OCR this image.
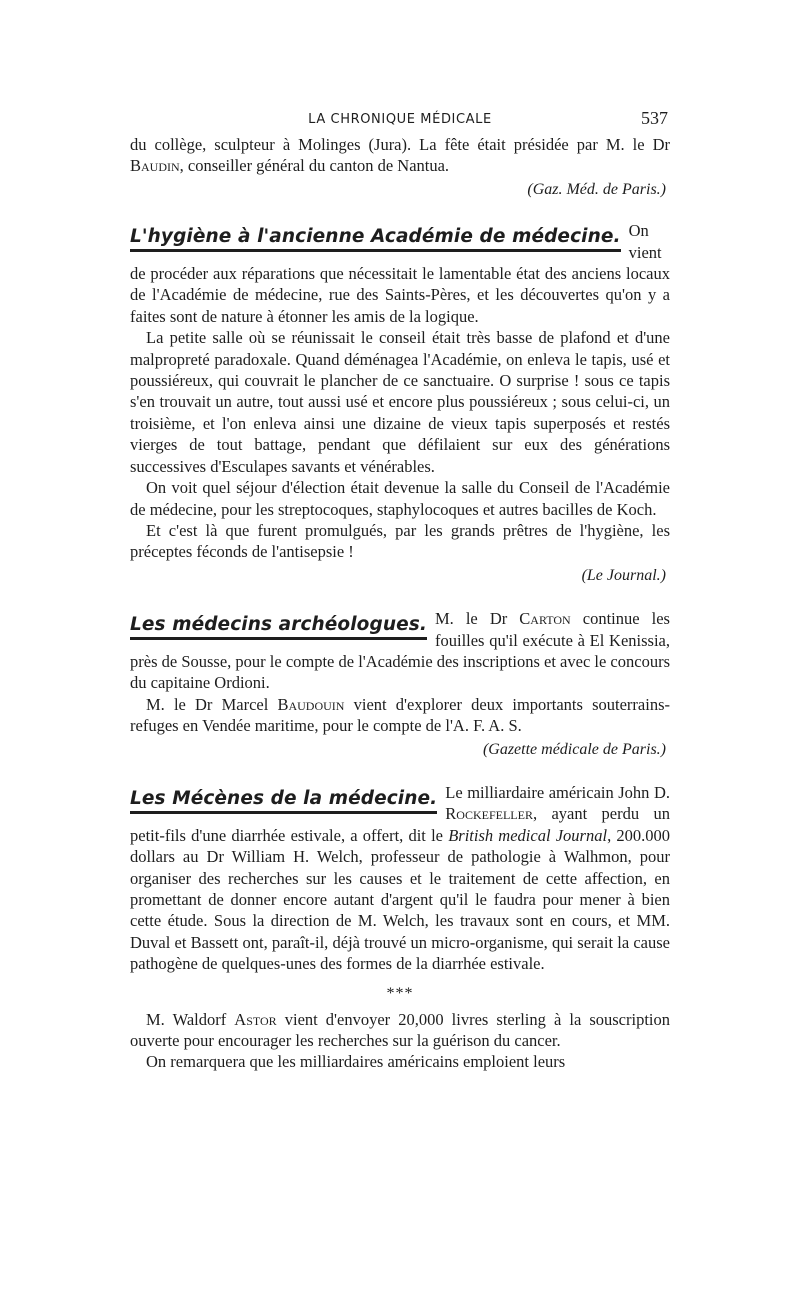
LA CHRONIQUE MÉDICALE	537

du collège, sculpteur à Molinges (Jura). La fête était présidée par M. le Dr Baudin, conseiller général du canton de Nantua.

(Gaz. Méd. de Paris.)
L'hygiène à l'ancienne Académie de médecine. On vient de procéder aux réparations que nécessitait le lamentable état des anciens locaux de l'Académie de médecine, rue des Saints-Pères, et les découvertes qu'on y a faites sont de nature à étonner les amis de la logique.

La petite salle où se réunissait le conseil était très basse de plafond et d'une malpropreté paradoxale. Quand déménagea l'Académie, on enleva le tapis, usé et poussiéreux, qui couvrait le plancher de ce sanctuaire. O surprise ! sous ce tapis s'en trouvait un autre, tout aussi usé et encore plus poussiéreux ; sous celui-ci, un troisième, et l'on enleva ainsi une dizaine de vieux tapis superposés et restés vierges de tout battage, pendant que défilaient sur eux des générations successives d'Esculapes savants et vénérables.

On voit quel séjour d'élection était devenue la salle du Conseil de l'Académie de médecine, pour les streptocoques, staphylocoques et autres bacilles de Koch.

Et c'est là que furent promulgués, par les grands prêtres de l'hygiène, les préceptes féconds de l'antisepsie !

(Le Journal.)
Les médecins archéologues. M. le Dr Carton continue les fouilles qu'il exécute à El Kenissia, près de Sousse, pour le compte de l'Académie des inscriptions et avec le concours du capitaine Ordioni.

M. le Dr Marcel Baudouin vient d'explorer deux importants souterrains-refuges en Vendée maritime, pour le compte de l'A. F. A. S.

(Gazette médicale de Paris.)
Les Mécènes de la médecine. Le milliardaire américain John D. Rockefeller, ayant perdu un petit-fils d'une diarrhée estivale, a offert, dit le British medical Journal, 200.000 dollars au Dr William H. Welch, professeur de pathologie à Walhmon, pour organiser des recherches sur les causes et le traitement de cette affection, en promettant de donner encore autant d'argent qu'il le faudra pour mener à bien cette étude. Sous la direction de M. Welch, les travaux sont en cours, et MM. Duval et Bassett ont, paraît-il, déjà trouvé un micro-organisme, qui serait la cause pathogène de quelques-unes des formes de la diarrhée estivale.

***

M. Waldorf Astor vient d'envoyer 20,000 livres sterling à la souscription ouverte pour encourager les recherches sur la guérison du cancer.

On remarquera que les milliardaires américains emploient leurs
